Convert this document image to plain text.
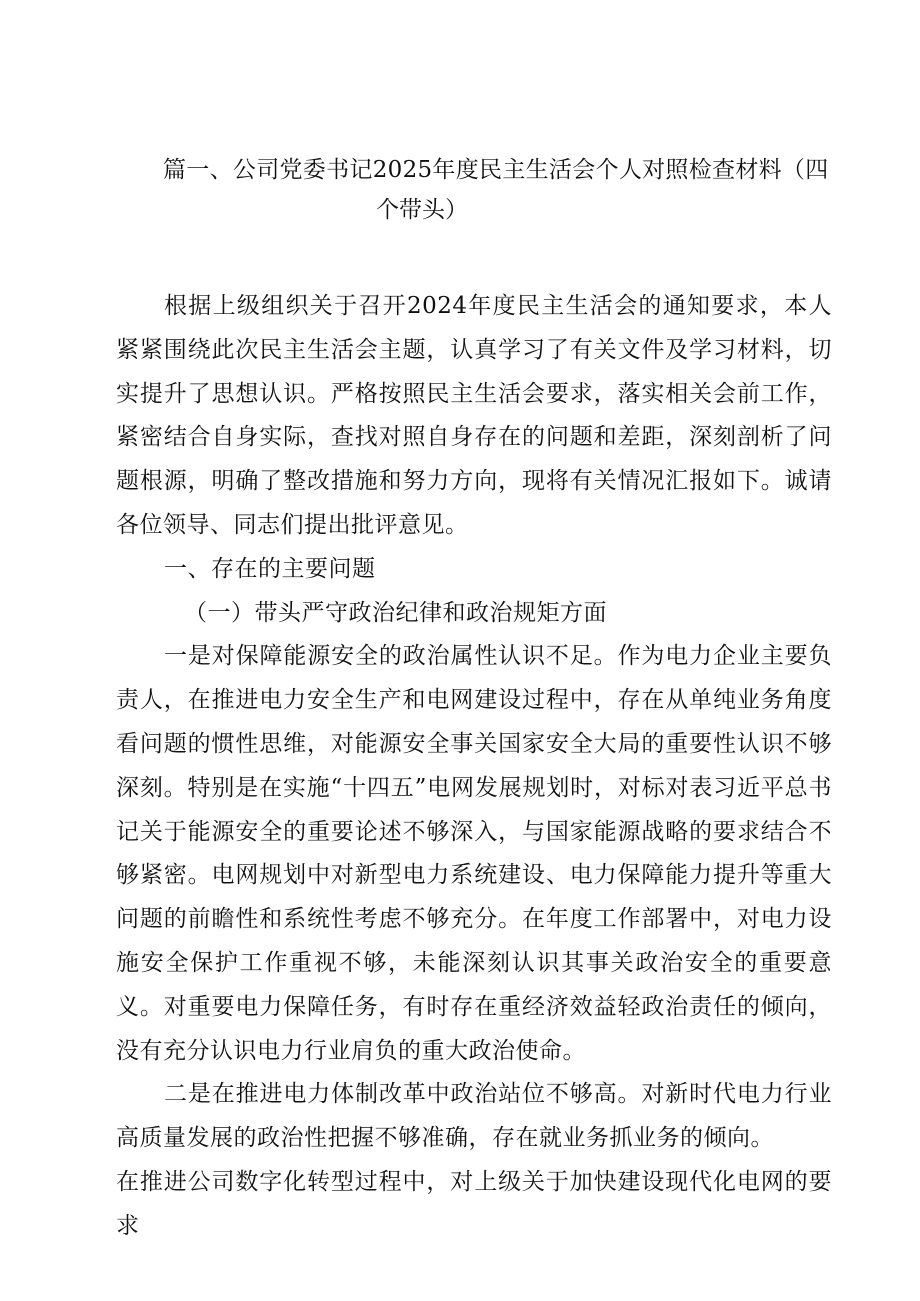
篇一、公司党委书记2025年度民主生活会个人对照检查材料（四
个带头）

根据上级组织关于召开2024年度民主生活会的通知要求，本人紧紧围绕此次民主生活会主题，认真学习了有关文件及学习材料，切实提升了思想认识。严格按照民主生活会要求，落实相关会前工作，紧密结合自身实际，查找对照自身存在的问题和差距，深刻剖析了问题根源，明确了整改措施和努力方向，现将有关情况汇报如下。诚请各位领导、同志们提出批评意见。

一、存在的主要问题

（一）带头严守政治纪律和政治规矩方面

一是对保障能源安全的政治属性认识不足。作为电力企业主要负责人，在推进电力安全生产和电网建设过程中，存在从单纯业务角度看问题的惯性思维，对能源安全事关国家安全大局的重要性认识不够深刻。特别是在实施“十四五”电网发展规划时，对标对表习近平总书记关于能源安全的重要论述不够深入，与国家能源战略的要求结合不够紧密。电网规划中对新型电力系统建设、电力保障能力提升等重大问题的前瞻性和系统性考虑不够充分。在年度工作部署中，对电力设施安全保护工作重视不够，未能深刻认识其事关政治安全的重要意义。对重要电力保障任务，有时存在重经济效益轻政治责任的倾向，没有充分认识电力行业肩负的重大政治使命。

二是在推进电力体制改革中政治站位不够高。对新时代电力行业高质量发展的政治性把握不够准确，存在就业务抓业务的倾向。

在推进公司数字化转型过程中，对上级关于加快建设现代化电网的要求
